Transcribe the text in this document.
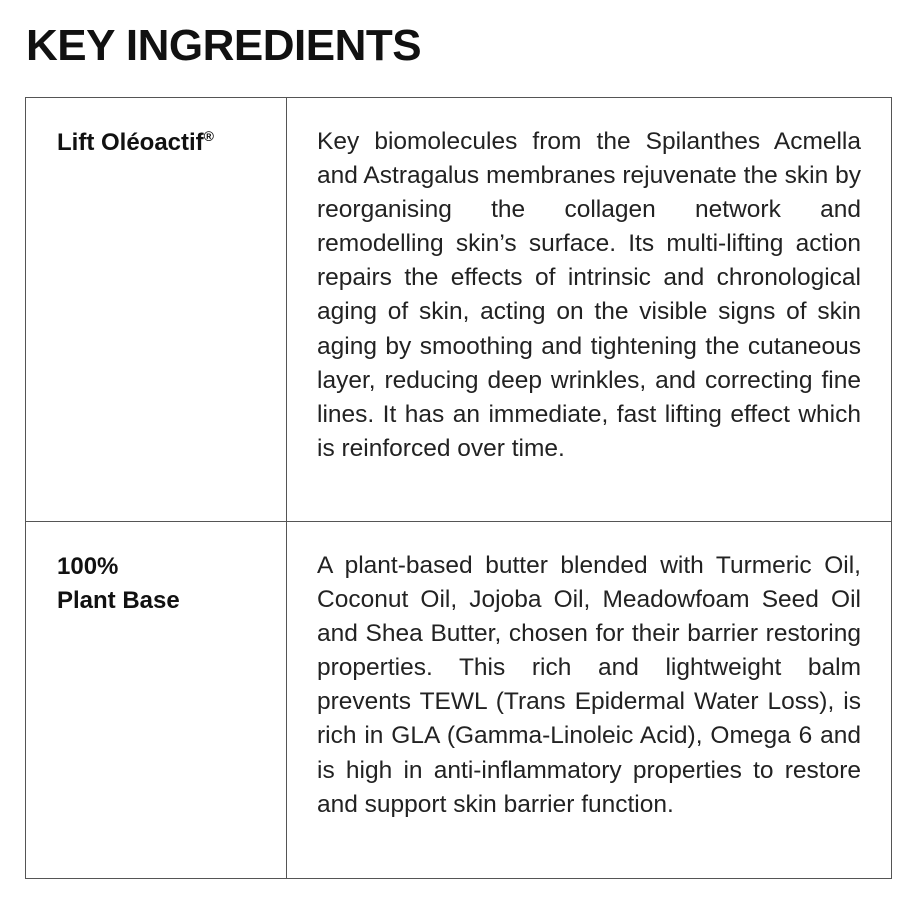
KEY INGREDIENTS
Lift Oléoactif®	Key biomolecules from the Spilanthes Acmella and Astragalus membranes rejuvenate the skin by reorganising the collagen network and remodelling skin’s surface. Its multi-lifting action repairs the effects of intrinsic and chronological aging of skin, acting on the visible signs of skin aging by smoothing and tightening the cutaneous layer, reducing deep wrinkles, and correcting fine lines. It has an immediate, fast lifting effect which is reinforced over time.

100%
Plant Base	A plant-based butter blended with Turmeric Oil, Coconut Oil, Jojoba Oil, Meadowfoam Seed Oil and Shea Butter, chosen for their barrier restoring properties. This rich and lightweight balm prevents TEWL (Trans Epidermal Water Loss), is rich in GLA (Gamma-Linoleic Acid), Omega 6 and is high in anti-inflammatory properties to restore and support skin barrier function.
